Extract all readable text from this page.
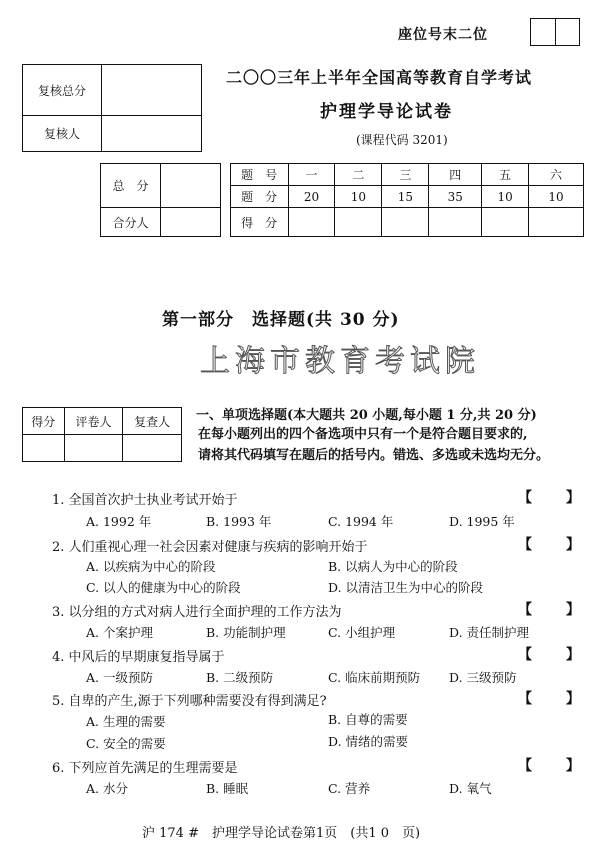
座位号末二位
复核总分	
复核人	
二〇〇三年上半年全国高等教育自学考试
护理学导论试卷
(课程代码 3201)
总　分			题　号	一	二	三	四	五	六
			题　分	20	10	15	35	10	10
合分人			得　分						
第一部分　选择题(共 30 分)
上海市教育考试院
得分	评卷人	复查人
		一、单项选择题(本大题共 20 小题,每小题 1 分,共 20 分)
在每小题列出的四个备选项中只有一个是符合题目要求的,
请将其代码填写在题后的括号内。错选、多选或未选均无分。
1. 全国首次护士执业考试开始于	【 】
A. 1992 年	B. 1993 年	C. 1994 年	D. 1995 年
2. 人们重视心理一社会因素对健康与疾病的影响开始于	【 】
A. 以疾病为中心的阶段	B. 以病人为中心的阶段
C. 以人的健康为中心的阶段	D. 以清洁卫生为中心的阶段
3. 以分组的方式对病人进行全面护理的工作方法为	【 】
A. 个案护理	B. 功能制护理	C. 小组护理	D. 责任制护理
4. 中风后的早期康复指导属于	【 】
A. 一级预防	B. 二级预防	C. 临床前期预防 D. 三级预防
5. 自卑的产生,源于下列哪种需要没有得到满足?	【 】
A. 生理的需要	B. 自尊的需要
C. 安全的需要	D. 情绪的需要
6. 下列应首先满足的生理需要是	【 】
A. 水分	B. 睡眠	C. 营养	D. 氧气
沪 174 #　护理学导论试卷第1页　(共1 0　页)
